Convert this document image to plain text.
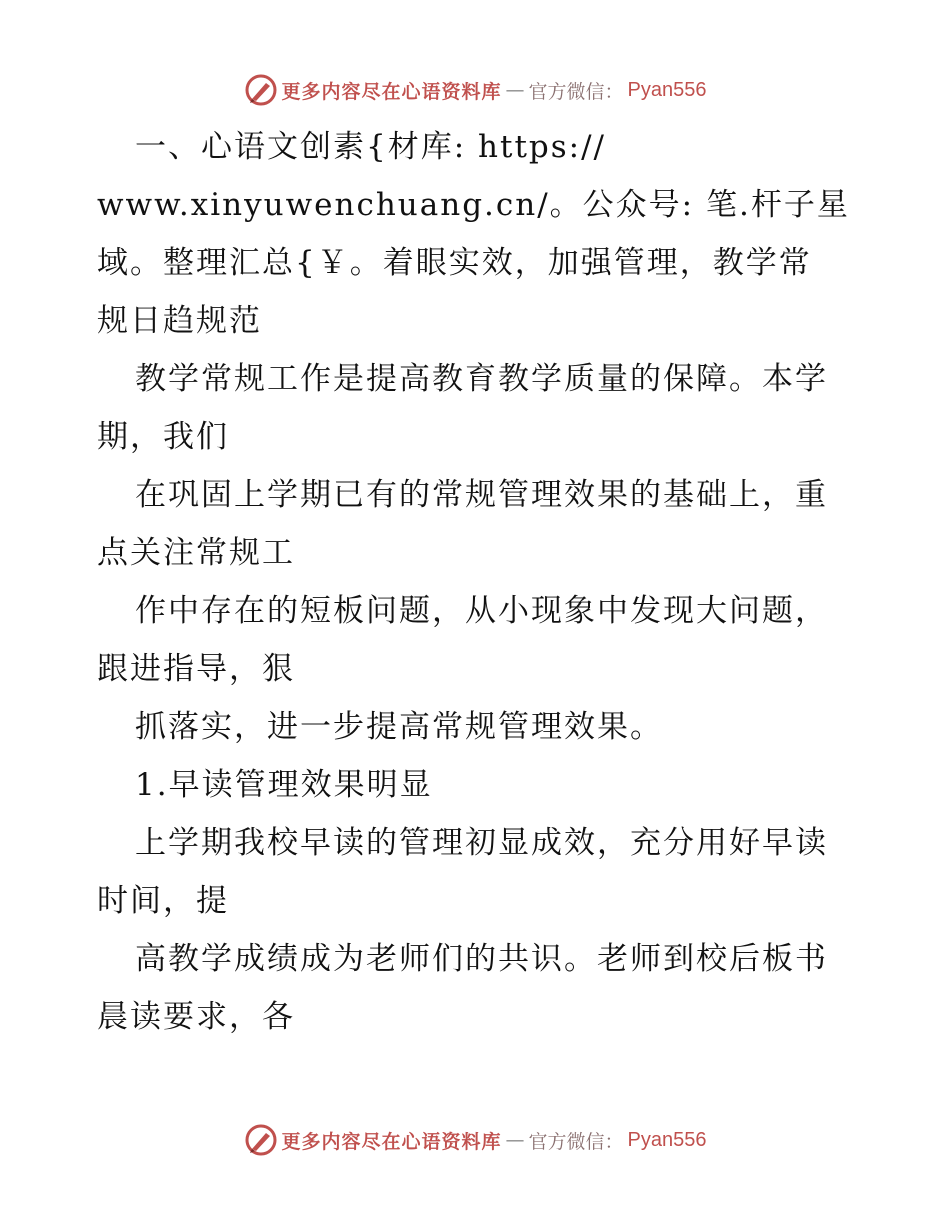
更多内容尽在心语资料库 — 官方微信： Pyan556
一、心语文创素{材库: https://
www.xinyuwenchuang.cn/。公众号: 笔.杆子星
域。整理汇总{￥。着眼实效，加强管理，教学常
规日趋规范
教学常规工作是提高教育教学质量的保障。本学
期，我们
在巩固上学期已有的常规管理效果的基础上，重
点关注常规工
作中存在的短板问题，从小现象中发现大问题，
跟进指导，狠
抓落实，进一步提高常规管理效果。
1.早读管理效果明显
上学期我校早读的管理初显成效，充分用好早读
时间，提
高教学成绩成为老师们的共识。老师到校后板书
晨读要求，各
更多内容尽在心语资料库 — 官方微信： Pyan556
